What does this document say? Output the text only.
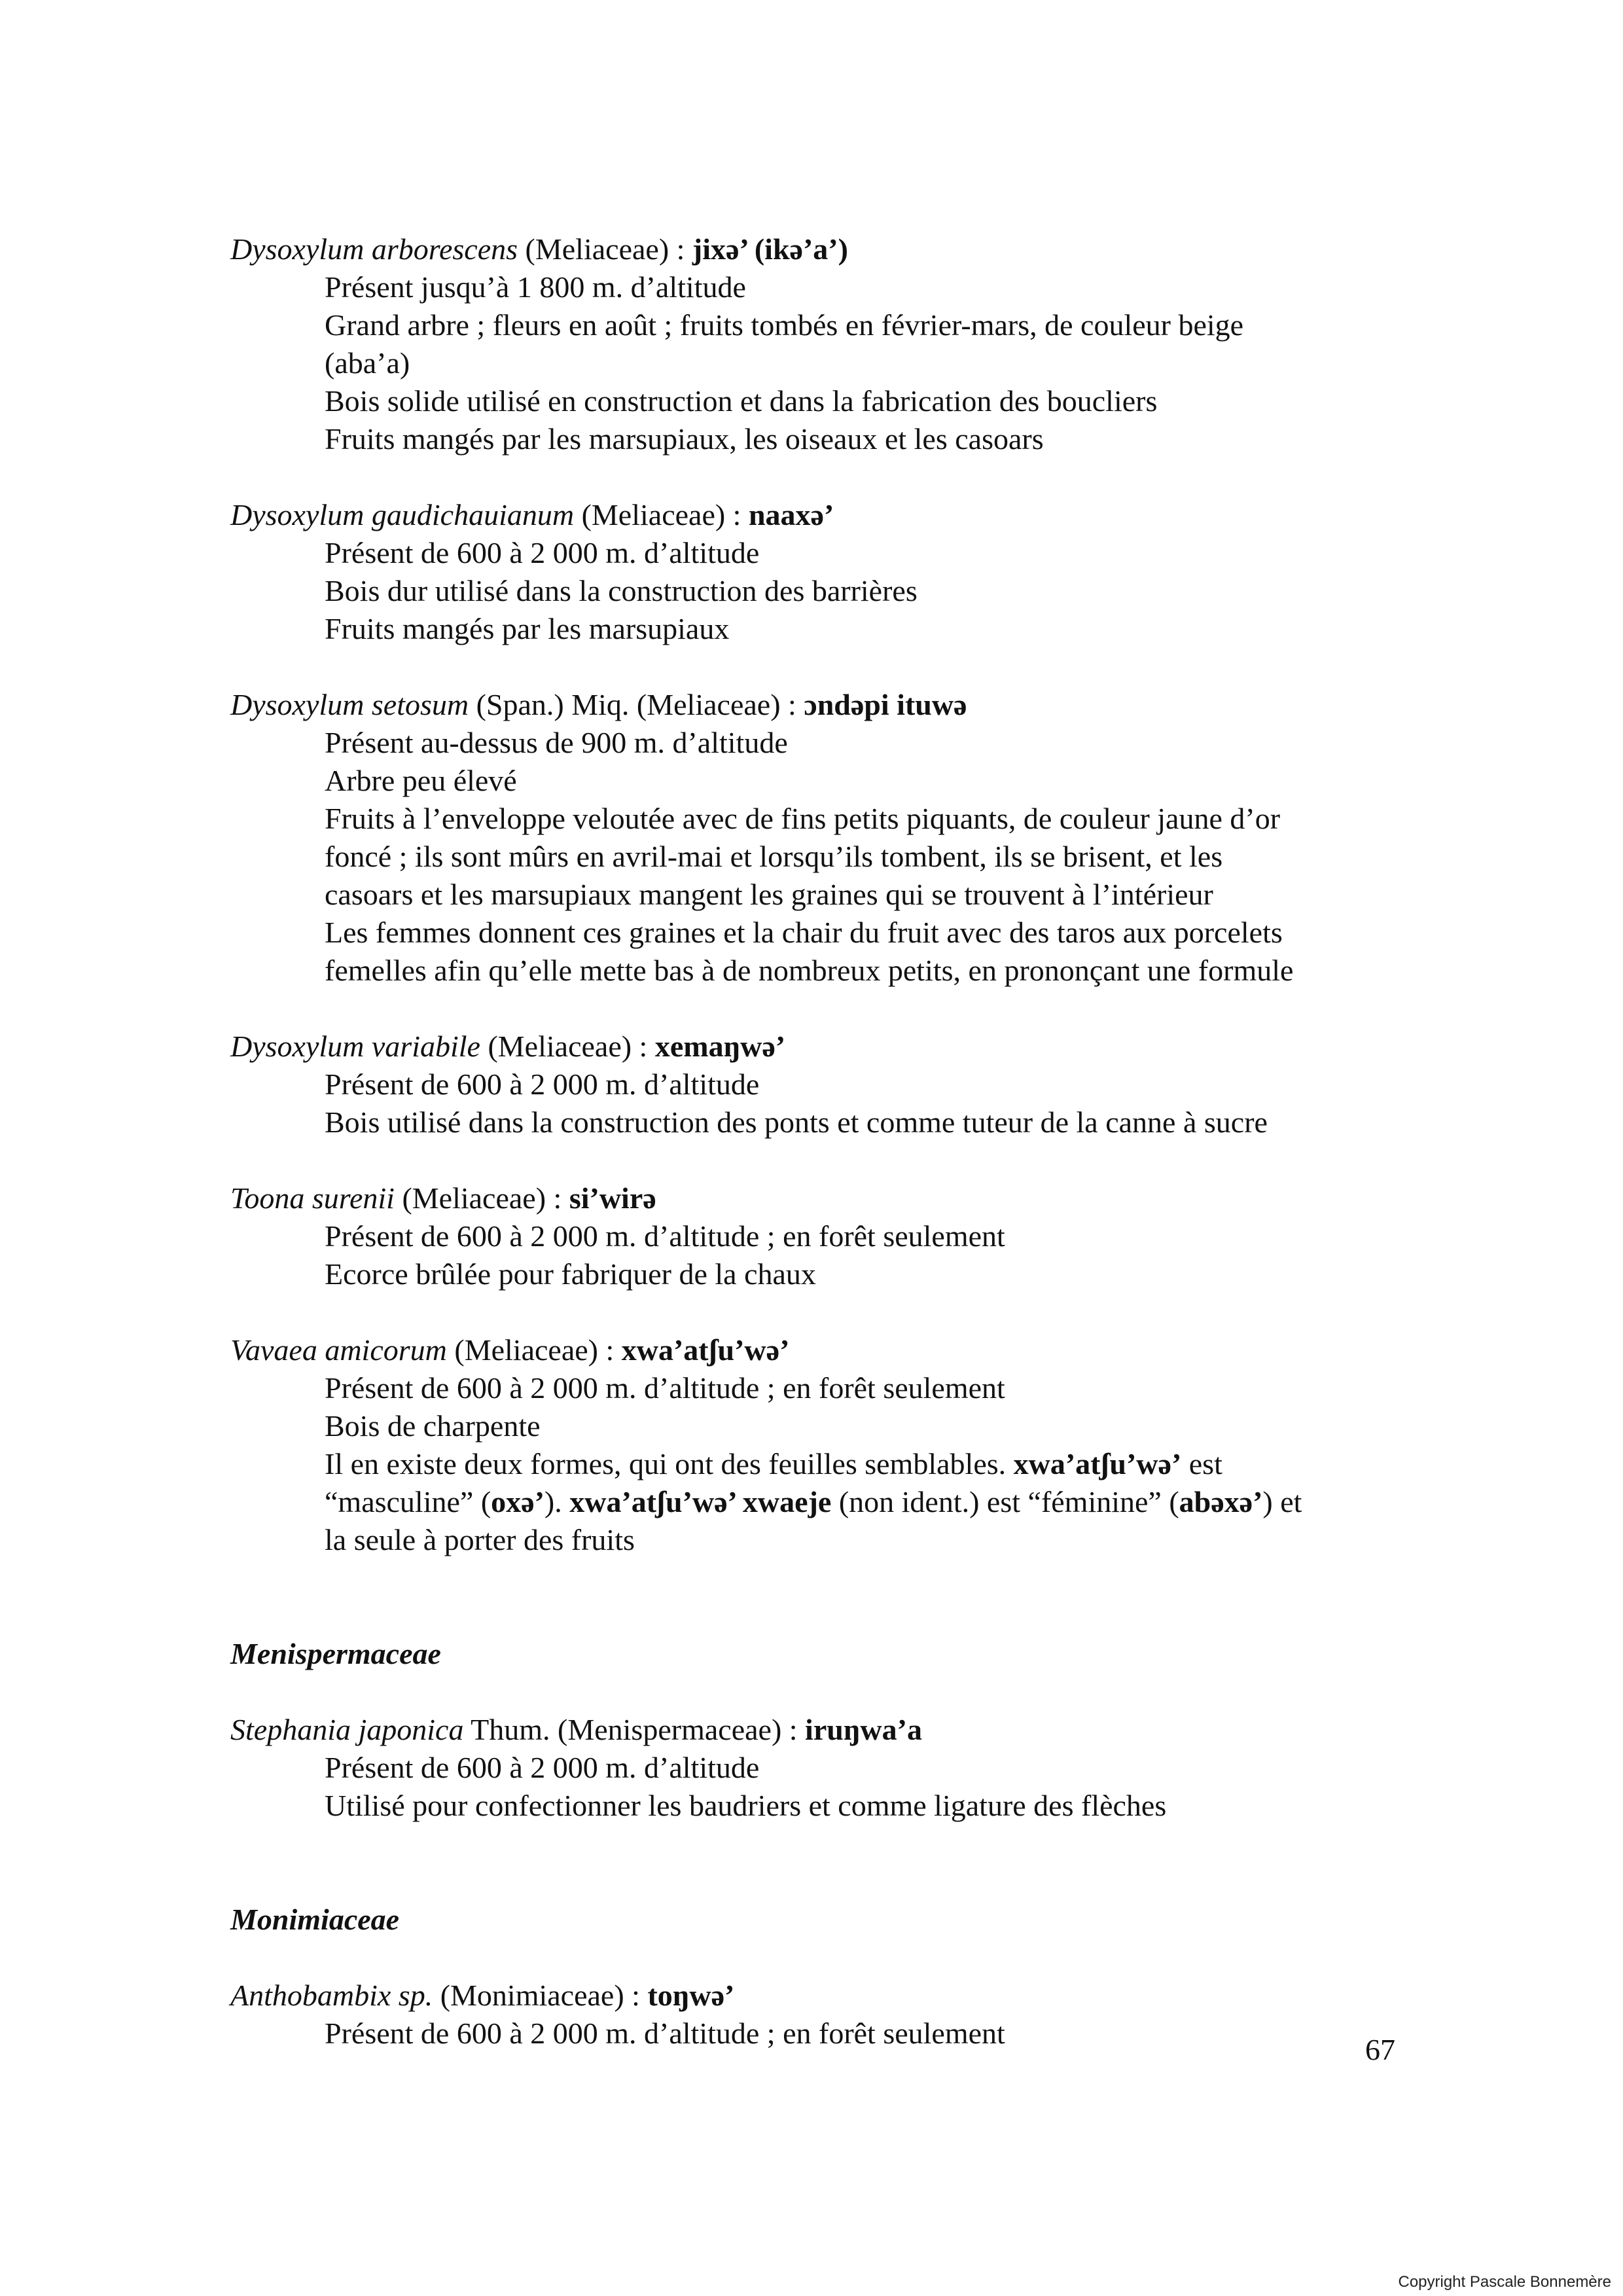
Dysoxylum arborescens (Meliaceae) : jixə’ (ikə’a’)

Présent jusqu’à 1 800 m. d’altitude

Grand arbre ; fleurs en août ; fruits tombés en février-mars, de couleur beige

(aba’a)

Bois solide utilisé en construction et dans la fabrication des boucliers

Fruits mangés par les marsupiaux, les oiseaux et les casoars

Dysoxylum gaudichauianum (Meliaceae) : naaxə’

Présent de 600 à 2 000 m. d’altitude

Bois dur utilisé dans la construction des barrières

Fruits mangés par les marsupiaux

Dysoxylum setosum (Span.) Miq. (Meliaceae) : ɔndəpi ituwə

Présent au-dessus de 900 m. d’altitude

Arbre peu élevé

Fruits à l’enveloppe veloutée avec de fins petits piquants, de couleur jaune d’or

foncé ; ils sont mûrs en avril-mai et lorsqu’ils tombent, ils se brisent, et les

casoars et les marsupiaux mangent les graines qui se trouvent à l’intérieur

Les femmes donnent ces graines et la chair du fruit avec des taros aux porcelets

femelles afin qu’elle mette bas à de nombreux petits, en prononçant une formule

Dysoxylum variabile (Meliaceae) : xemaŋwə’

Présent de 600 à 2 000 m. d’altitude

Bois utilisé dans la construction des ponts et comme tuteur de la canne à sucre

Toona surenii (Meliaceae) : si’wirə

Présent de 600 à 2 000 m. d’altitude ; en forêt seulement

Ecorce brûlée pour fabriquer de la chaux

Vavaea amicorum (Meliaceae) : xwa’atʃu’wə’

Présent de 600 à 2 000 m. d’altitude ; en forêt seulement

Bois de charpente

Il en existe deux formes, qui ont des feuilles semblables. xwa’atʃu’wə’ est

“masculine” (oxə’). xwa’atʃu’wə’ xwaeje (non ident.) est “féminine” (abəxə’) et

la seule à porter des fruits

Menispermaceae

Stephania japonica Thum. (Menispermaceae) : iruŋwa’a

Présent de 600 à 2 000 m. d’altitude

Utilisé pour confectionner les baudriers et comme ligature des flèches

Monimiaceae

Anthobambix sp. (Monimiaceae) : toŋwə’

Présent de 600 à 2 000 m. d’altitude ; en forêt seulement	67
Copyright Pascale Bonnemère
